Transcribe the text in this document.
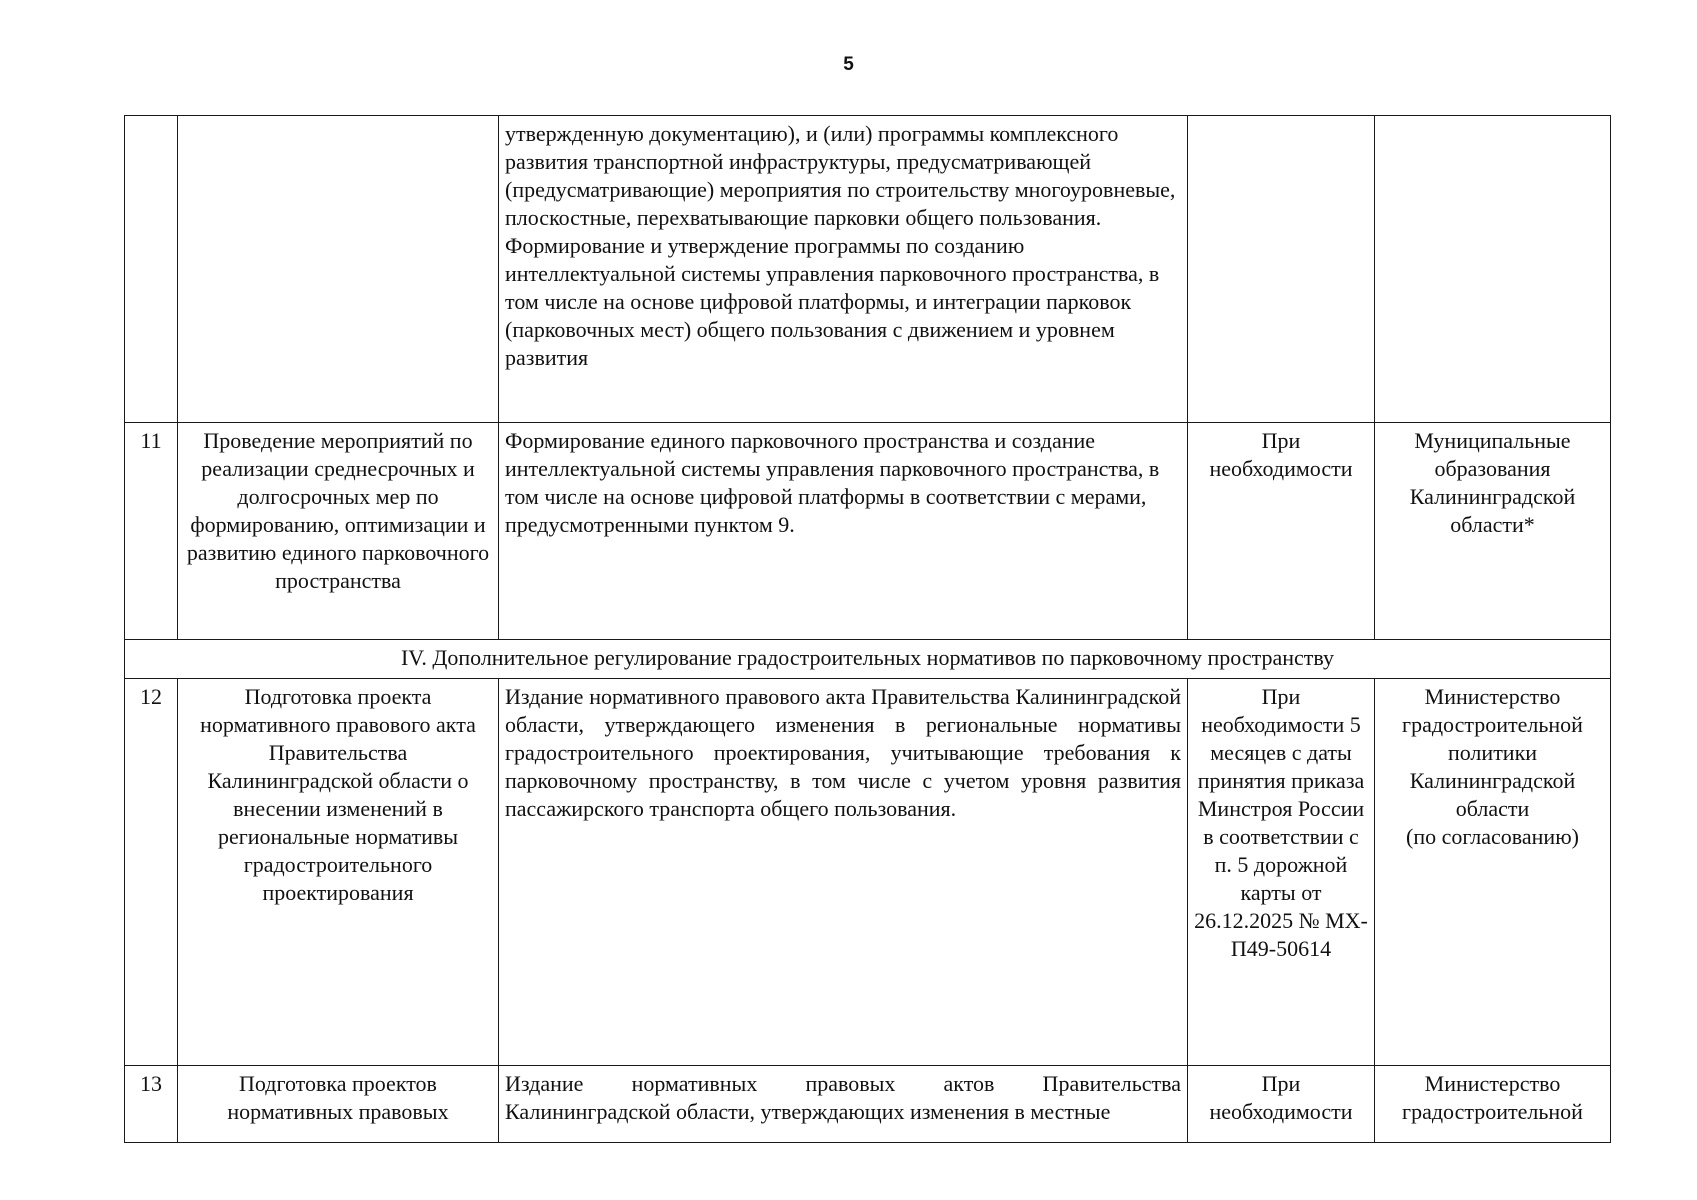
5

		утвержденную документацию), и (или) программы комплексного развития транспортной инфраструктуры, предусматривающей (предусматривающие) мероприятия по строительству многоуровневые, плоскостные, перехватывающие парковки общего пользования.
Формирование и утверждение программы по созданию интеллектуальной системы управления парковочного пространства, в том числе на основе цифровой платформы, и интеграции парковок (парковочных мест) общего пользования с движением и уровнем развития		

11	Проведение мероприятий по реализации среднесрочных и долгосрочных мер по формированию, оптимизации и развитию единого парковочного пространства	Формирование единого парковочного пространства и создание интеллектуальной системы управления парковочного пространства, в том числе на основе цифровой платформы в соответствии с мерами, предусмотренными пунктом 9.	При необходимости	Муниципальные образования Калининградской области*
IV. Дополнительное регулирование градостроительных нормативов по парковочному пространству				
12	Подготовка проекта нормативного правового акта Правительства Калининградской области о внесении изменений в региональные нормативы градостроительного проектирования	Издание нормативного правового акта Правительства Калининградской области, утверждающего изменения в региональные нормативы градостроительного проектирования, учитывающие требования к парковочному пространству, в том числе с учетом уровня развития пассажирского транспорта общего пользования.	При необходимости 5 месяцев с даты принятия приказа Минстроя России в соответствии с п. 5 дорожной карты от 26.12.2025 № МХ-П49-50614	Министерство градостроительной политики Калининградской области
(по согласованию)

13	Подготовка проектов нормативных правовых	Издание нормативных правовых актов Правительства Калининградской области, утверждающих изменения в местные	При необходимости	Министерство градостроительной
